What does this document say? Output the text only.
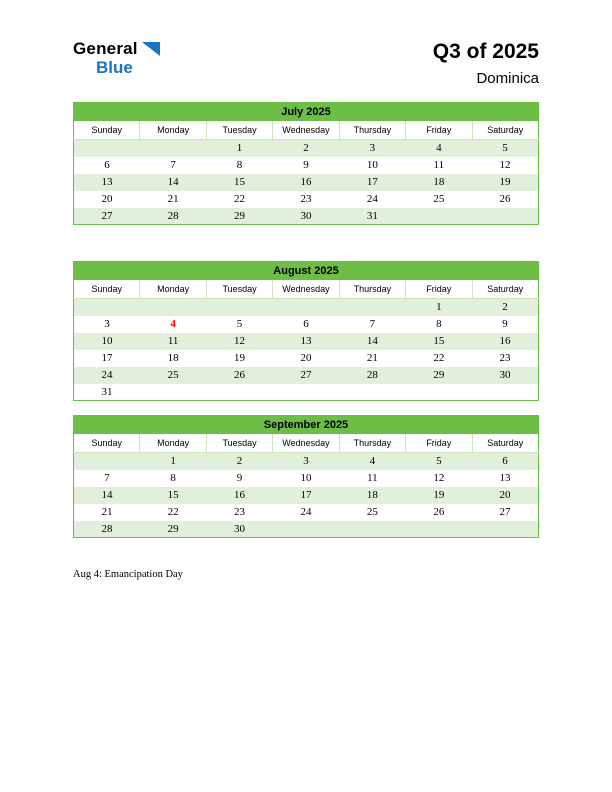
General
Blue
Q3 of 2025
Dominica
July 2025						
Sunday	Monday	Tuesday	Wednesday	Thursday	Friday	Saturday
		1	2	3	4	5
6	7	8	9	10	11	12
13	14	15	16	17	18	19
20	21	22	23	24	25	26
27	28	29	30	31		
August 2025						
Sunday	Monday	Tuesday	Wednesday	Thursday	Friday	Saturday
					1	2
3	4	5	6	7	8	9
10	11	12	13	14	15	16
17	18	19	20	21	22	23
24	25	26	27	28	29	30
31						
September 2025						
Sunday	Monday	Tuesday	Wednesday	Thursday	Friday	Saturday
	1	2	3	4	5	6
7	8	9	10	11	12	13
14	15	16	17	18	19	20
21	22	23	24	25	26	27
28	29	30				
Aug 4: Emancipation Day
